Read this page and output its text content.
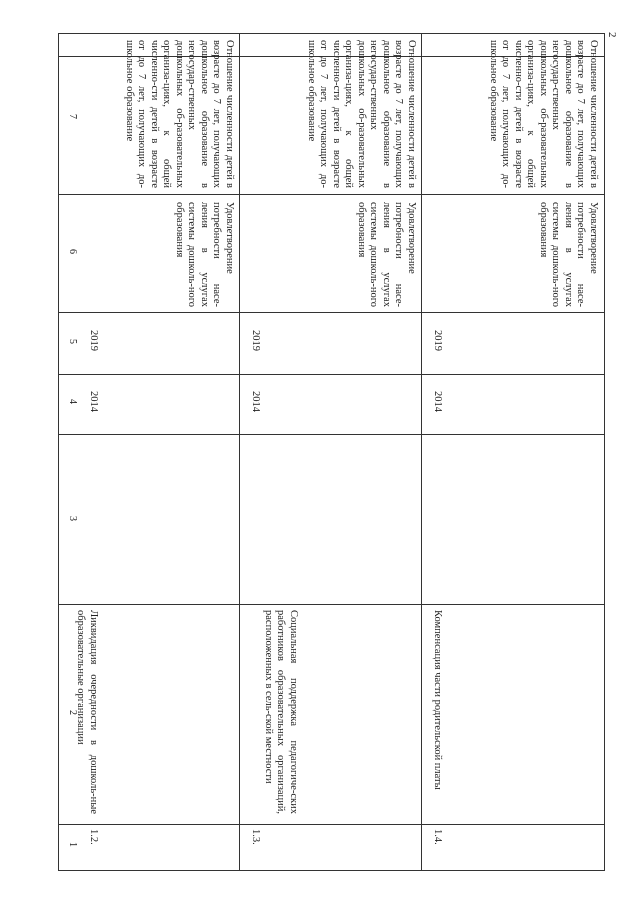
2
7
6
5
4
3
2
1
Отношение численности детей в возрасте до 7 лет, получающих дошкольное образование в негосудар-ственных дошкольных об-разовательных организа-циях, к общей численно-сти детей в возрасте от до 7 лет, получающих до-школьное образование
Удовлетворение потребности насе-ления в услугах системы дошколь-ного образования
2019
2014
Ликвидация очередности в дошколь-ные образовательные организации
1.2.
Отношение численности детей в возрасте до 7 лет, получающих дошкольное образование в негосудар-ственных дошкольных об-разовательных организа-циях, к общей численно-сти детей в возрасте от до 7 лет, получающих до-школьное образование
Удовлетворение потребности насе-ления в услугах системы дошколь-ного образования
2019
2014
Социальная поддержка педагогиче-ских работников образовательных организаций, расположенных в сель-ской местности
1.3.
Отношение численности детей в возрасте до 7 лет, получающих дошкольное образование в негосудар-ственных дошкольных об-разовательных организа-циях, к общей численно-сти детей в возрасте от до 7 лет, получающих до-школьное образование
Удовлетворение потребности насе-ления в услугах системы дошколь-ного образования
2019
2014
Компенсация части родительской платы
1.4.
